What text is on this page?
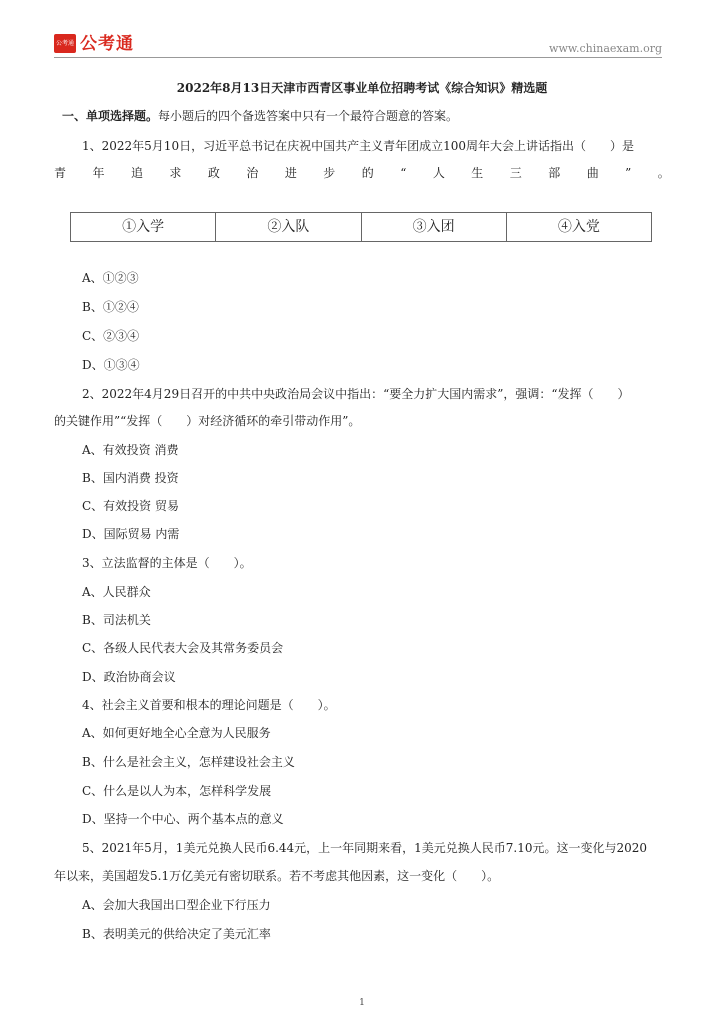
公考通 公考通	www.chinaexam.org
2022年8月13日天津市西青区事业单位招聘考试《综合知识》精选题
一、单项选择题。每小题后的四个备选答案中只有一个最符合题意的答案。
1、2022年5月10日，习近平总书记在庆祝中国共产主义青年团成立100周年大会上讲话指出（　　）是
青 年 追 求 政 治 进 步 的 “ 人 生 三 部 曲 ” 。
①入学	②入队	③入团	④入党
A、①②③
B、①②④
C、②③④
D、①③④
2、2022年4月29日召开的中共中央政治局会议中指出：“要全力扩大国内需求”，强调：“发挥（　　）
的关键作用”“发挥（　　）对经济循环的牵引带动作用”。
A、有效投资 消费
B、国内消费 投资
C、有效投资 贸易
D、国际贸易 内需
3、立法监督的主体是（　　）。
A、人民群众
B、司法机关
C、各级人民代表大会及其常务委员会
D、政治协商会议
4、社会主义首要和根本的理论问题是（　　）。
A、如何更好地全心全意为人民服务
B、什么是社会主义，怎样建设社会主义
C、什么是以人为本，怎样科学发展
D、坚持一个中心、两个基本点的意义
5、2021年5月，1美元兑换人民币6.44元，上一年同期来看，1美元兑换人民币7.10元。这一变化与2020
年以来，美国超发5.1万亿美元有密切联系。若不考虑其他因素，这一变化（　　）。
A、会加大我国出口型企业下行压力
B、表明美元的供给决定了美元汇率
1
